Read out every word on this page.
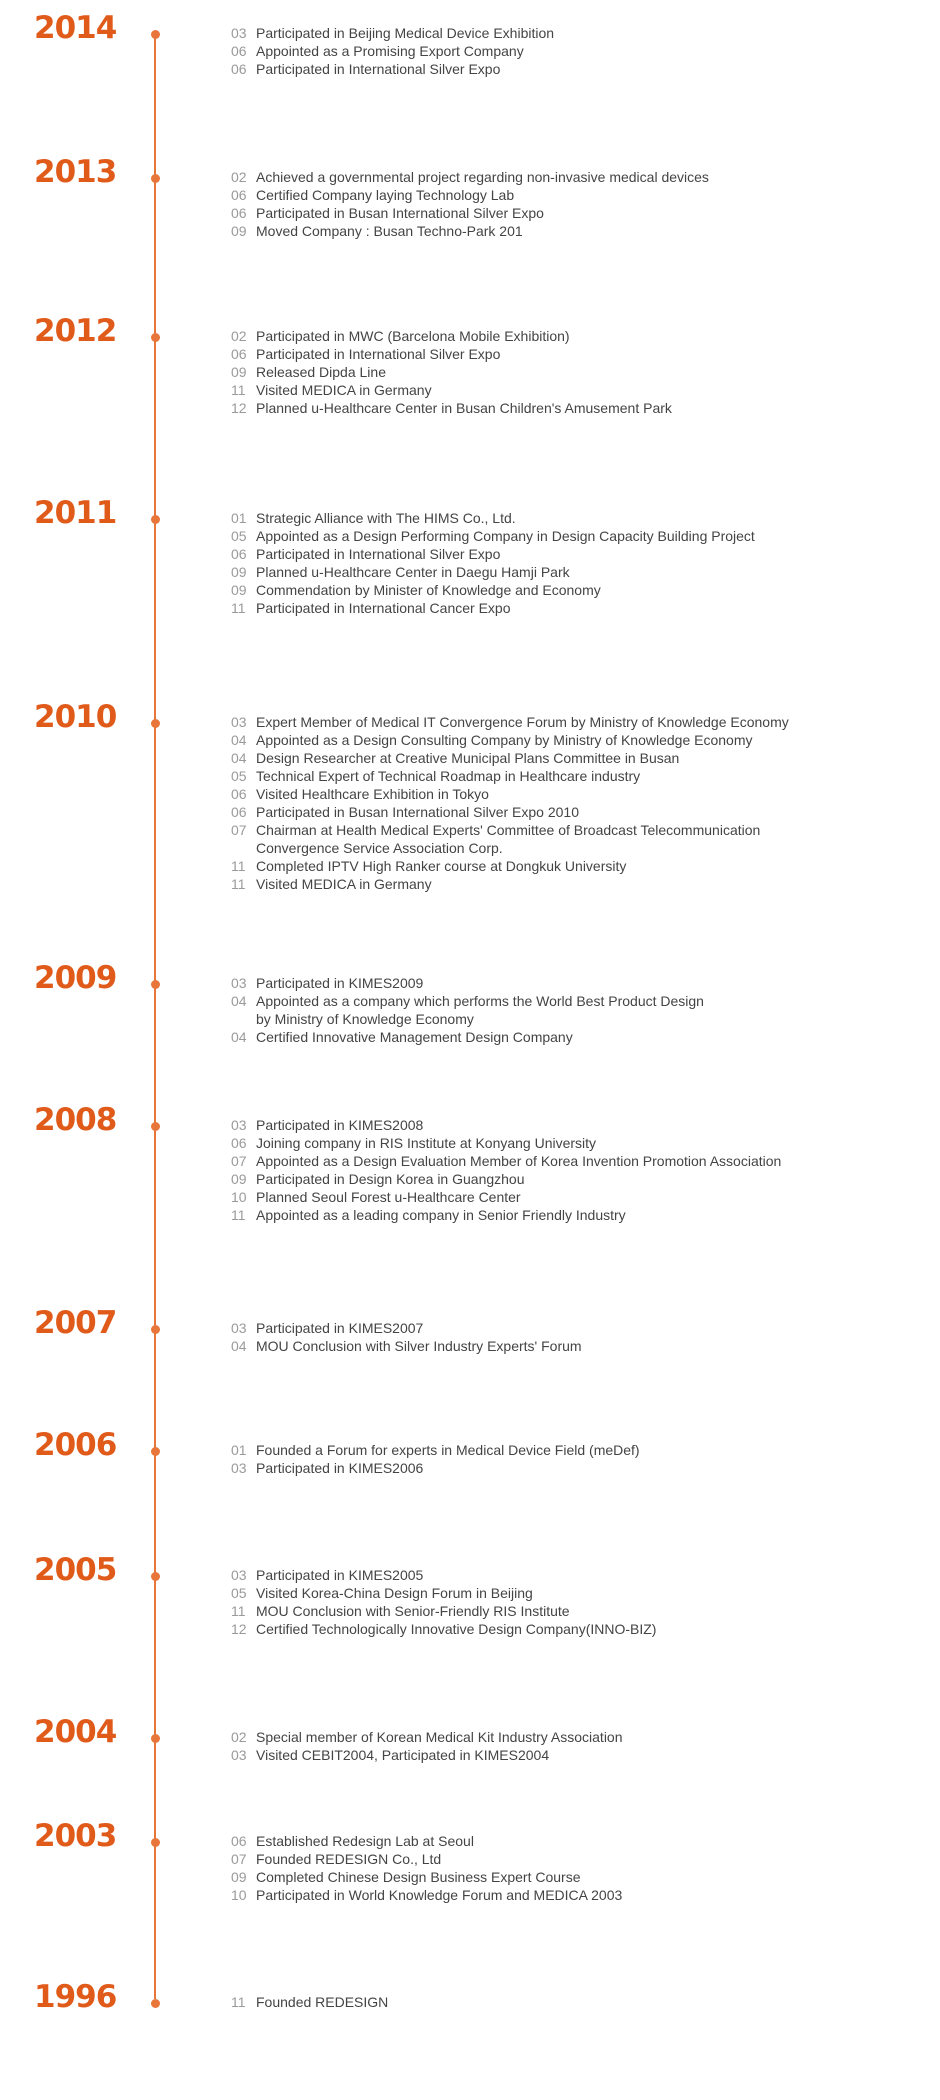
2014	03 Participated in Beijing Medical Device Exhibition
06 Appointed as a Promising Export Company
06 Participated in International Silver Expo
2013	02 Achieved a governmental project regarding non-invasive medical devices
06 Certified Company laying Technology Lab
06 Participated in Busan International Silver Expo
09 Moved Company : Busan Techno-Park 201
2012	02 Participated in MWC (Barcelona Mobile Exhibition)
06 Participated in International Silver Expo
09 Released Dipda Line
11 Visited MEDICA in Germany
12 Planned u-Healthcare Center in Busan Children's Amusement Park
2011	01 Strategic Alliance with The HIMS Co., Ltd.
05 Appointed as a Design Performing Company in Design Capacity Building Project
06 Participated in International Silver Expo
09 Planned u-Healthcare Center in Daegu Hamji Park
09 Commendation by Minister of Knowledge and Economy
11 Participated in International Cancer Expo
2010	03 Expert Member of Medical IT Convergence Forum by Ministry of Knowledge Economy
04 Appointed as a Design Consulting Company by Ministry of Knowledge Economy
04 Design Researcher at Creative Municipal Plans Committee in Busan
05 Technical Expert of Technical Roadmap in Healthcare industry
06 Visited Healthcare Exhibition in Tokyo
06 Participated in Busan International Silver Expo 2010
07 Chairman at Health Medical Experts' Committee of Broadcast Telecommunication
Convergence Service Association Corp.
11 Completed IPTV High Ranker course at Dongkuk University
11 Visited MEDICA in Germany
2009	03 Participated in KIMES2009
04 Appointed as a company which performs the World Best Product Design
by Ministry of Knowledge Economy
04 Certified Innovative Management Design Company
2008	03 Participated in KIMES2008
06 Joining company in RIS Institute at Konyang University
07 Appointed as a Design Evaluation Member of Korea Invention Promotion Association
09 Participated in Design Korea in Guangzhou
10 Planned Seoul Forest u-Healthcare Center
11 Appointed as a leading company in Senior Friendly Industry
2007	03 Participated in KIMES2007
04 MOU Conclusion with Silver Industry Experts' Forum
2006	01 Founded a Forum for experts in Medical Device Field (meDef)
03 Participated in KIMES2006
2005	03 Participated in KIMES2005
05 Visited Korea-China Design Forum in Beijing
11 MOU Conclusion with Senior-Friendly RIS Institute
12 Certified Technologically Innovative Design Company(INNO-BIZ)
2004	02 Special member of Korean Medical Kit Industry Association
03 Visited CEBIT2004, Participated in KIMES2004
2003	06 Established Redesign Lab at Seoul
07 Founded REDESIGN Co., Ltd
09 Completed Chinese Design Business Expert Course
10 Participated in World Knowledge Forum and MEDICA 2003
1996	11 Founded REDESIGN
